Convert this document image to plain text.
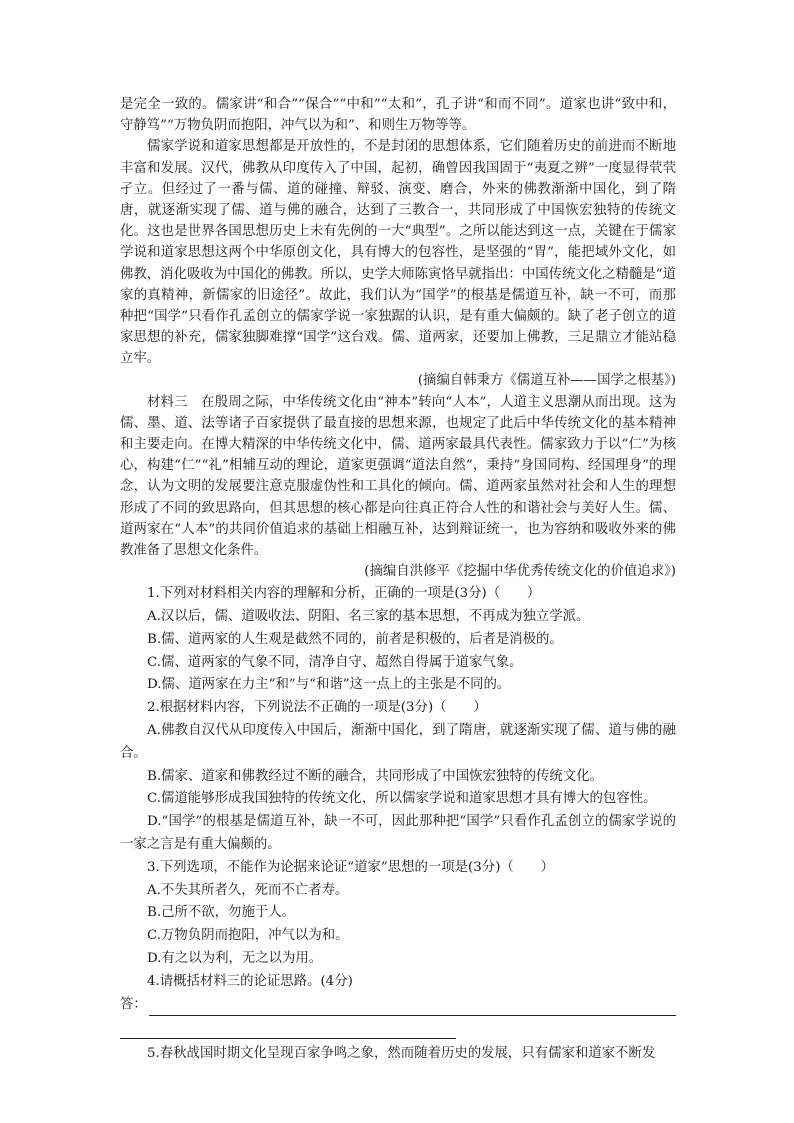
是完全一致的。儒家讲“和合”“保合”“中和”“太和”，孔子讲“和而不同”。道家也讲“致中和，守静笃”“万物负阴而抱阳，冲气以为和”、和则生万物等等。

儒家学说和道家思想都是开放性的，不是封闭的思想体系，它们随着历史的前进而不断地丰富和发展。汉代，佛教从印度传入了中国，起初，确曾因我国固于“夷夏之辨”一度显得茕茕孑立。但经过了一番与儒、道的碰撞、辩驳、演变、磨合，外来的佛教渐渐中国化，到了隋唐，就逐渐实现了儒、道与佛的融合，达到了三教合一，共同形成了中国恢宏独特的传统文化。这也是世界各国思想历史上未有先例的一大“典型”。之所以能达到这一点，关键在于儒家学说和道家思想这两个中华原创文化，具有博大的包容性，是坚强的“胃”，能把域外文化，如佛教，消化吸收为中国化的佛教。所以，史学大师陈寅恪早就指出：中国传统文化之精髓是“道家的真精神，新儒家的旧途径”。故此，我们认为“国学”的根基是儒道互补，缺一不可，而那种把“国学”只看作孔孟创立的儒家学说一家独踞的认识，是有重大偏颇的。缺了老子创立的道家思想的补充，儒家独脚难撑“国学”这台戏。儒、道两家，还要加上佛教，三足鼎立才能站稳立牢。

(摘编自韩秉方《儒道互补——国学之根基》)

材料三　在殷周之际，中华传统文化由“神本”转向“人本”，人道主义思潮从而出现。这为儒、墨、道、法等诸子百家提供了最直接的思想来源，也规定了此后中华传统文化的基本精神和主要走向。在博大精深的中华传统文化中，儒、道两家最具代表性。儒家致力于以“仁”为核心，构建“仁”“礼”相辅互动的理论，道家更强调“道法自然”，秉持“身国同构、经国理身”的理念，认为文明的发展要注意克服虚伪性和工具化的倾向。儒、道两家虽然对社会和人生的理想形成了不同的致思路向，但其思想的核心都是向往真正符合人性的和谐社会与美好人生。儒、道两家在“人本”的共同价值追求的基础上相融互补，达到辩证统一，也为容纳和吸收外来的佛教准备了思想文化条件。

(摘编自洪修平《挖掘中华优秀传统文化的价值追求》)

1.下列对材料相关内容的理解和分析，正确的一项是(3分)（　　）

A.汉以后，儒、道吸收法、阴阳、名三家的基本思想，不再成为独立学派。

B.儒、道两家的人生观是截然不同的，前者是积极的，后者是消极的。

C.儒、道两家的气象不同，清净自守、超然自得属于道家气象。

D.儒、道两家在力主“和”与“和谐”这一点上的主张是不同的。

2.根据材料内容，下列说法不正确的一项是(3分)（　　）

A.佛教自汉代从印度传入中国后，渐渐中国化，到了隋唐，就逐渐实现了儒、道与佛的融合。

B.儒家、道家和佛教经过不断的融合，共同形成了中国恢宏独特的传统文化。

C.儒道能够形成我国独特的传统文化，所以儒家学说和道家思想才具有博大的包容性。

D.“国学”的根基是儒道互补，缺一不可，因此那种把“国学”只看作孔孟创立的儒家学说的一家之言是有重大偏颇的。

3.下列选项，不能作为论据来论证“道家”思想的一项是(3分)（　　）

A.不失其所者久，死而不亡者寿。

B.己所不欲，勿施于人。

C.万物负阴而抱阳，冲气以为和。

D.有之以为利，无之以为用。

4.请概括材料三的论证思路。(4分)

答：

5.春秋战国时期文化呈现百家争鸣之象，然而随着历史的发展，只有儒家和道家不断发
